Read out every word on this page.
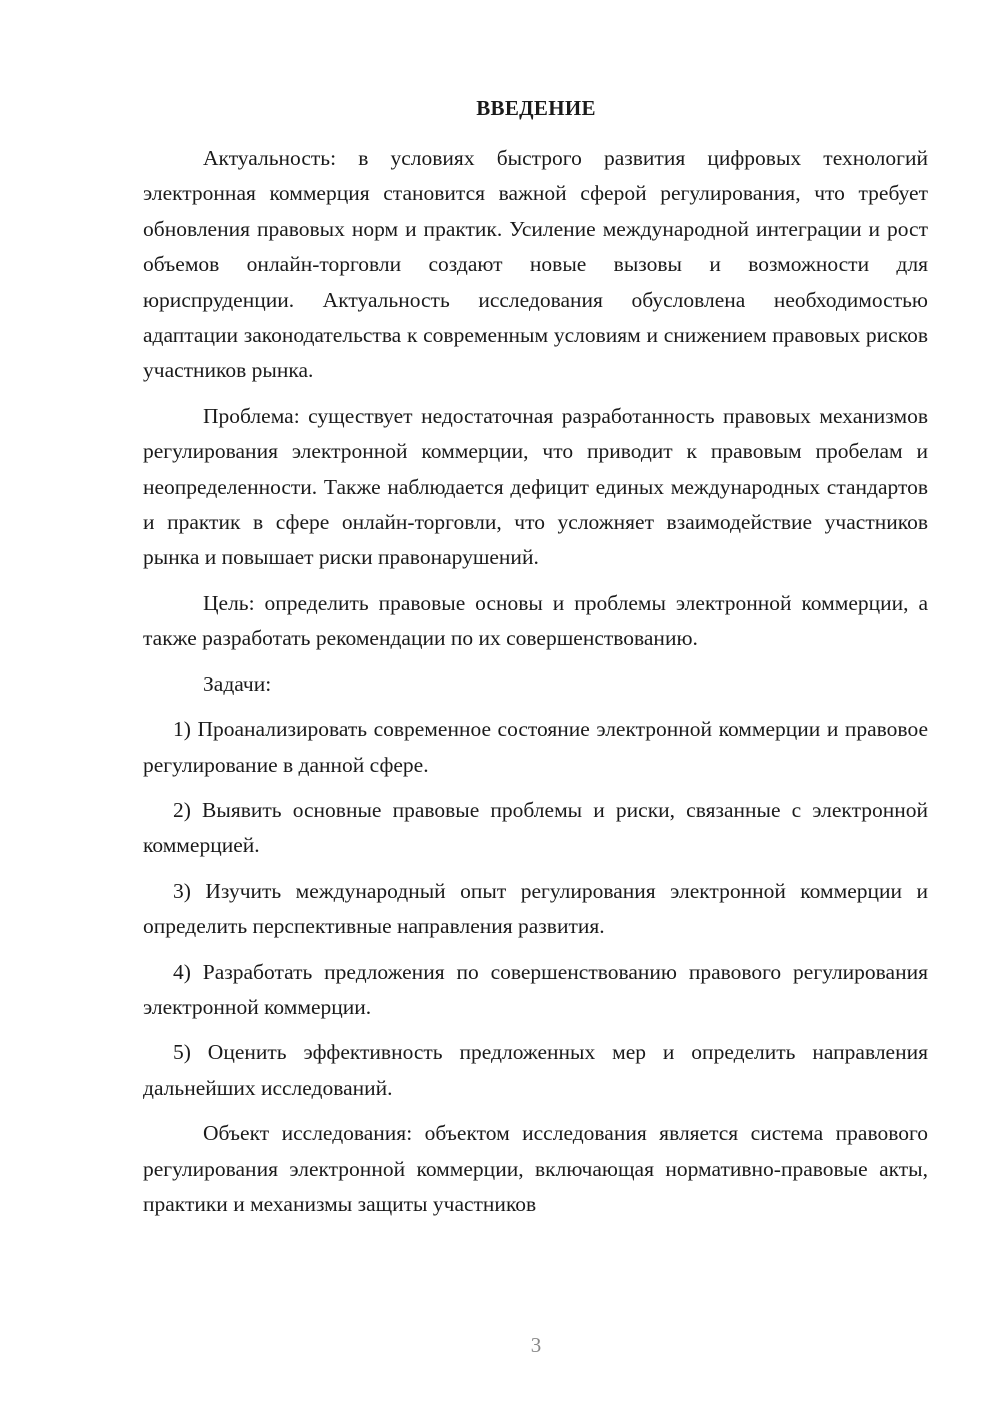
ВВЕДЕНИЕ

Актуальность: в условиях быстрого развития цифровых технологий электронная коммерция становится важной сферой регулирования, что требует обновления правовых норм и практик. Усиление международной интеграции и рост объемов онлайн-торговли создают новые вызовы и возможности для юриспруденции. Актуальность исследования обусловлена необходимостью адаптации законодательства к современным условиям и снижением правовых рисков участников рынка.

Проблема: существует недостаточная разработанность правовых механизмов регулирования электронной коммерции, что приводит к правовым пробелам и неопределенности. Также наблюдается дефицит единых международных стандартов и практик в сфере онлайн-торговли, что усложняет взаимодействие участников рынка и повышает риски правонарушений.

Цель: определить правовые основы и проблемы электронной коммерции, а также разработать рекомендации по их совершенствованию.

Задачи:

1) Проанализировать современное состояние электронной коммерции и правовое регулирование в данной сфере.

2) Выявить основные правовые проблемы и риски, связанные с электронной коммерцией.

3) Изучить международный опыт регулирования электронной коммерции и определить перспективные направления развития.

4) Разработать предложения по совершенствованию правового регулирования электронной коммерции.

5) Оценить эффективность предложенных мер и определить направления дальнейших исследований.

Объект исследования: объектом исследования является система правового регулирования электронной коммерции, включающая нормативно-правовые акты, практики и механизмы защиты участников

3
